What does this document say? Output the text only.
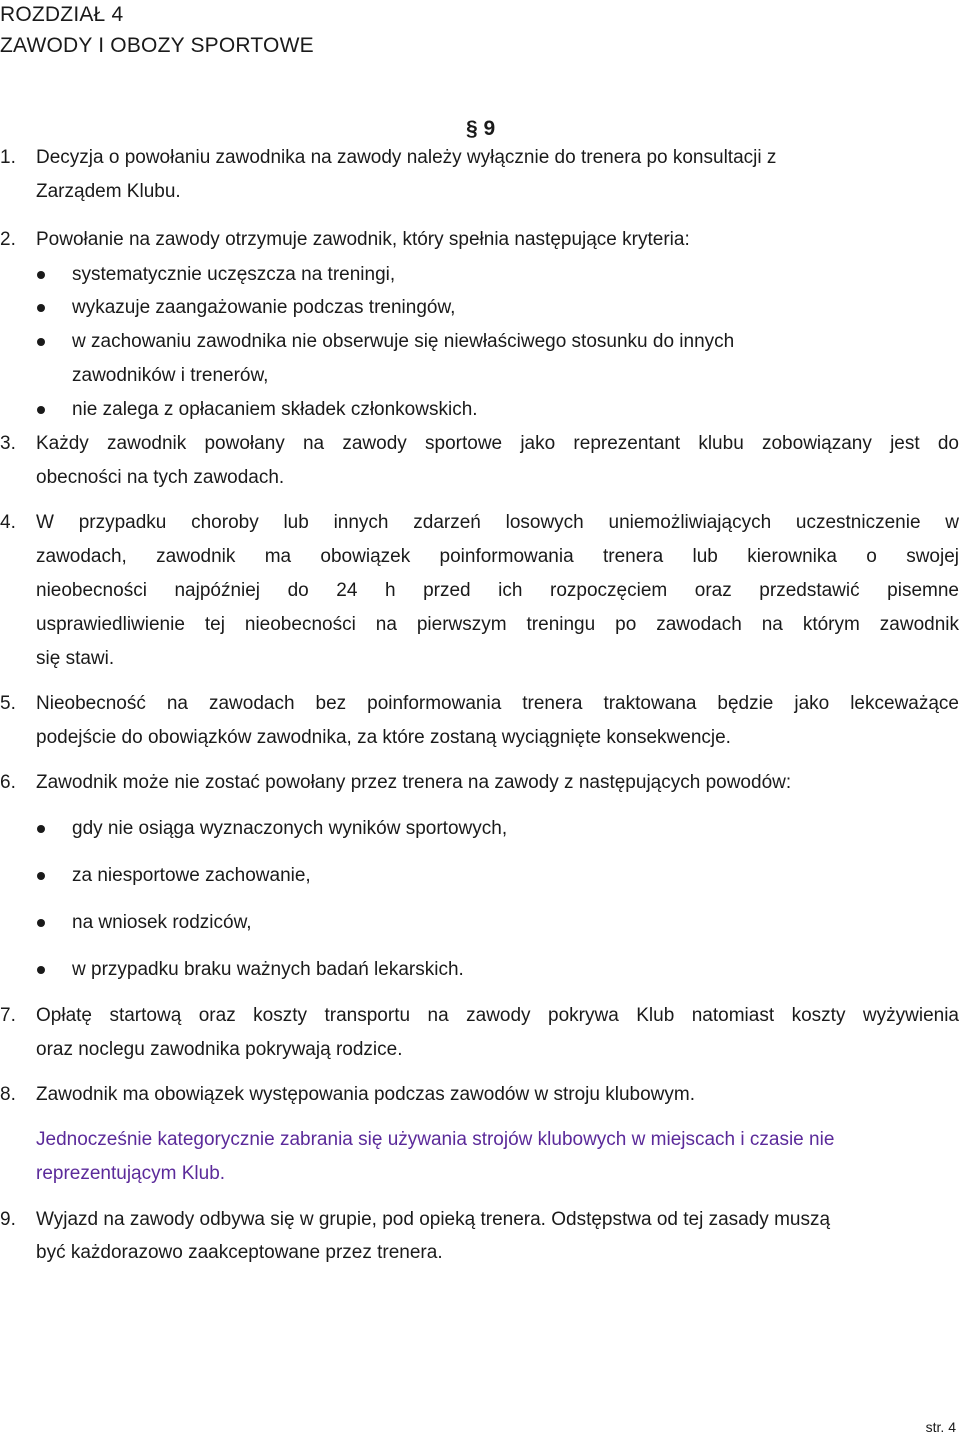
ROZDZIAŁ 4
ZAWODY I OBOZY SPORTOWE
§ 9
1. Decyzja o powołaniu zawodnika na zawody należy wyłącznie do trenera po konsultacji z
Zarządem Klubu.
2. Powołanie na zawody otrzymuje zawodnik, który spełnia następujące kryteria:
systematycznie uczęszcza na treningi,
wykazuje zaangażowanie podczas treningów,
w zachowaniu zawodnika nie obserwuje się niewłaściwego stosunku do innych
zawodników i trenerów,
nie zalega z opłacaniem składek członkowskich.
3. Każdy zawodnik powołany na zawody sportowe jako reprezentant klubu zobowiązany jest do
obecności na tych zawodach.
4. W przypadku choroby lub innych zdarzeń losowych uniemożliwiających uczestniczenie w
zawodach, zawodnik ma obowiązek poinformowania trenera lub kierownika o swojej
nieobecności najpóźniej do 24 h przed ich rozpoczęciem oraz przedstawić pisemne
usprawiedliwienie tej nieobecności na pierwszym treningu po zawodach na którym zawodnik
się stawi.
5. Nieobecność na zawodach bez poinformowania trenera traktowana będzie jako lekceważące
podejście do obowiązków zawodnika, za które zostaną wyciągnięte konsekwencje.
6. Zawodnik może nie zostać powołany przez trenera na zawody z następujących powodów:
gdy nie osiąga wyznaczonych wyników sportowych,
za niesportowe zachowanie,
na wniosek rodziców,
w przypadku braku ważnych badań lekarskich.
7. Opłatę startową oraz koszty transportu na zawody pokrywa Klub natomiast koszty wyżywienia
oraz noclegu zawodnika pokrywają rodzice.
8. Zawodnik ma obowiązek występowania podczas zawodów w stroju klubowym.
Jednocześnie kategorycznie zabrania się używania strojów klubowych w miejscach i czasie nie
reprezentującym Klub.
9. Wyjazd na zawody odbywa się w grupie, pod opieką trenera. Odstępstwa od tej zasady muszą
być każdorazowo zaakceptowane przez trenera.
str. 4
